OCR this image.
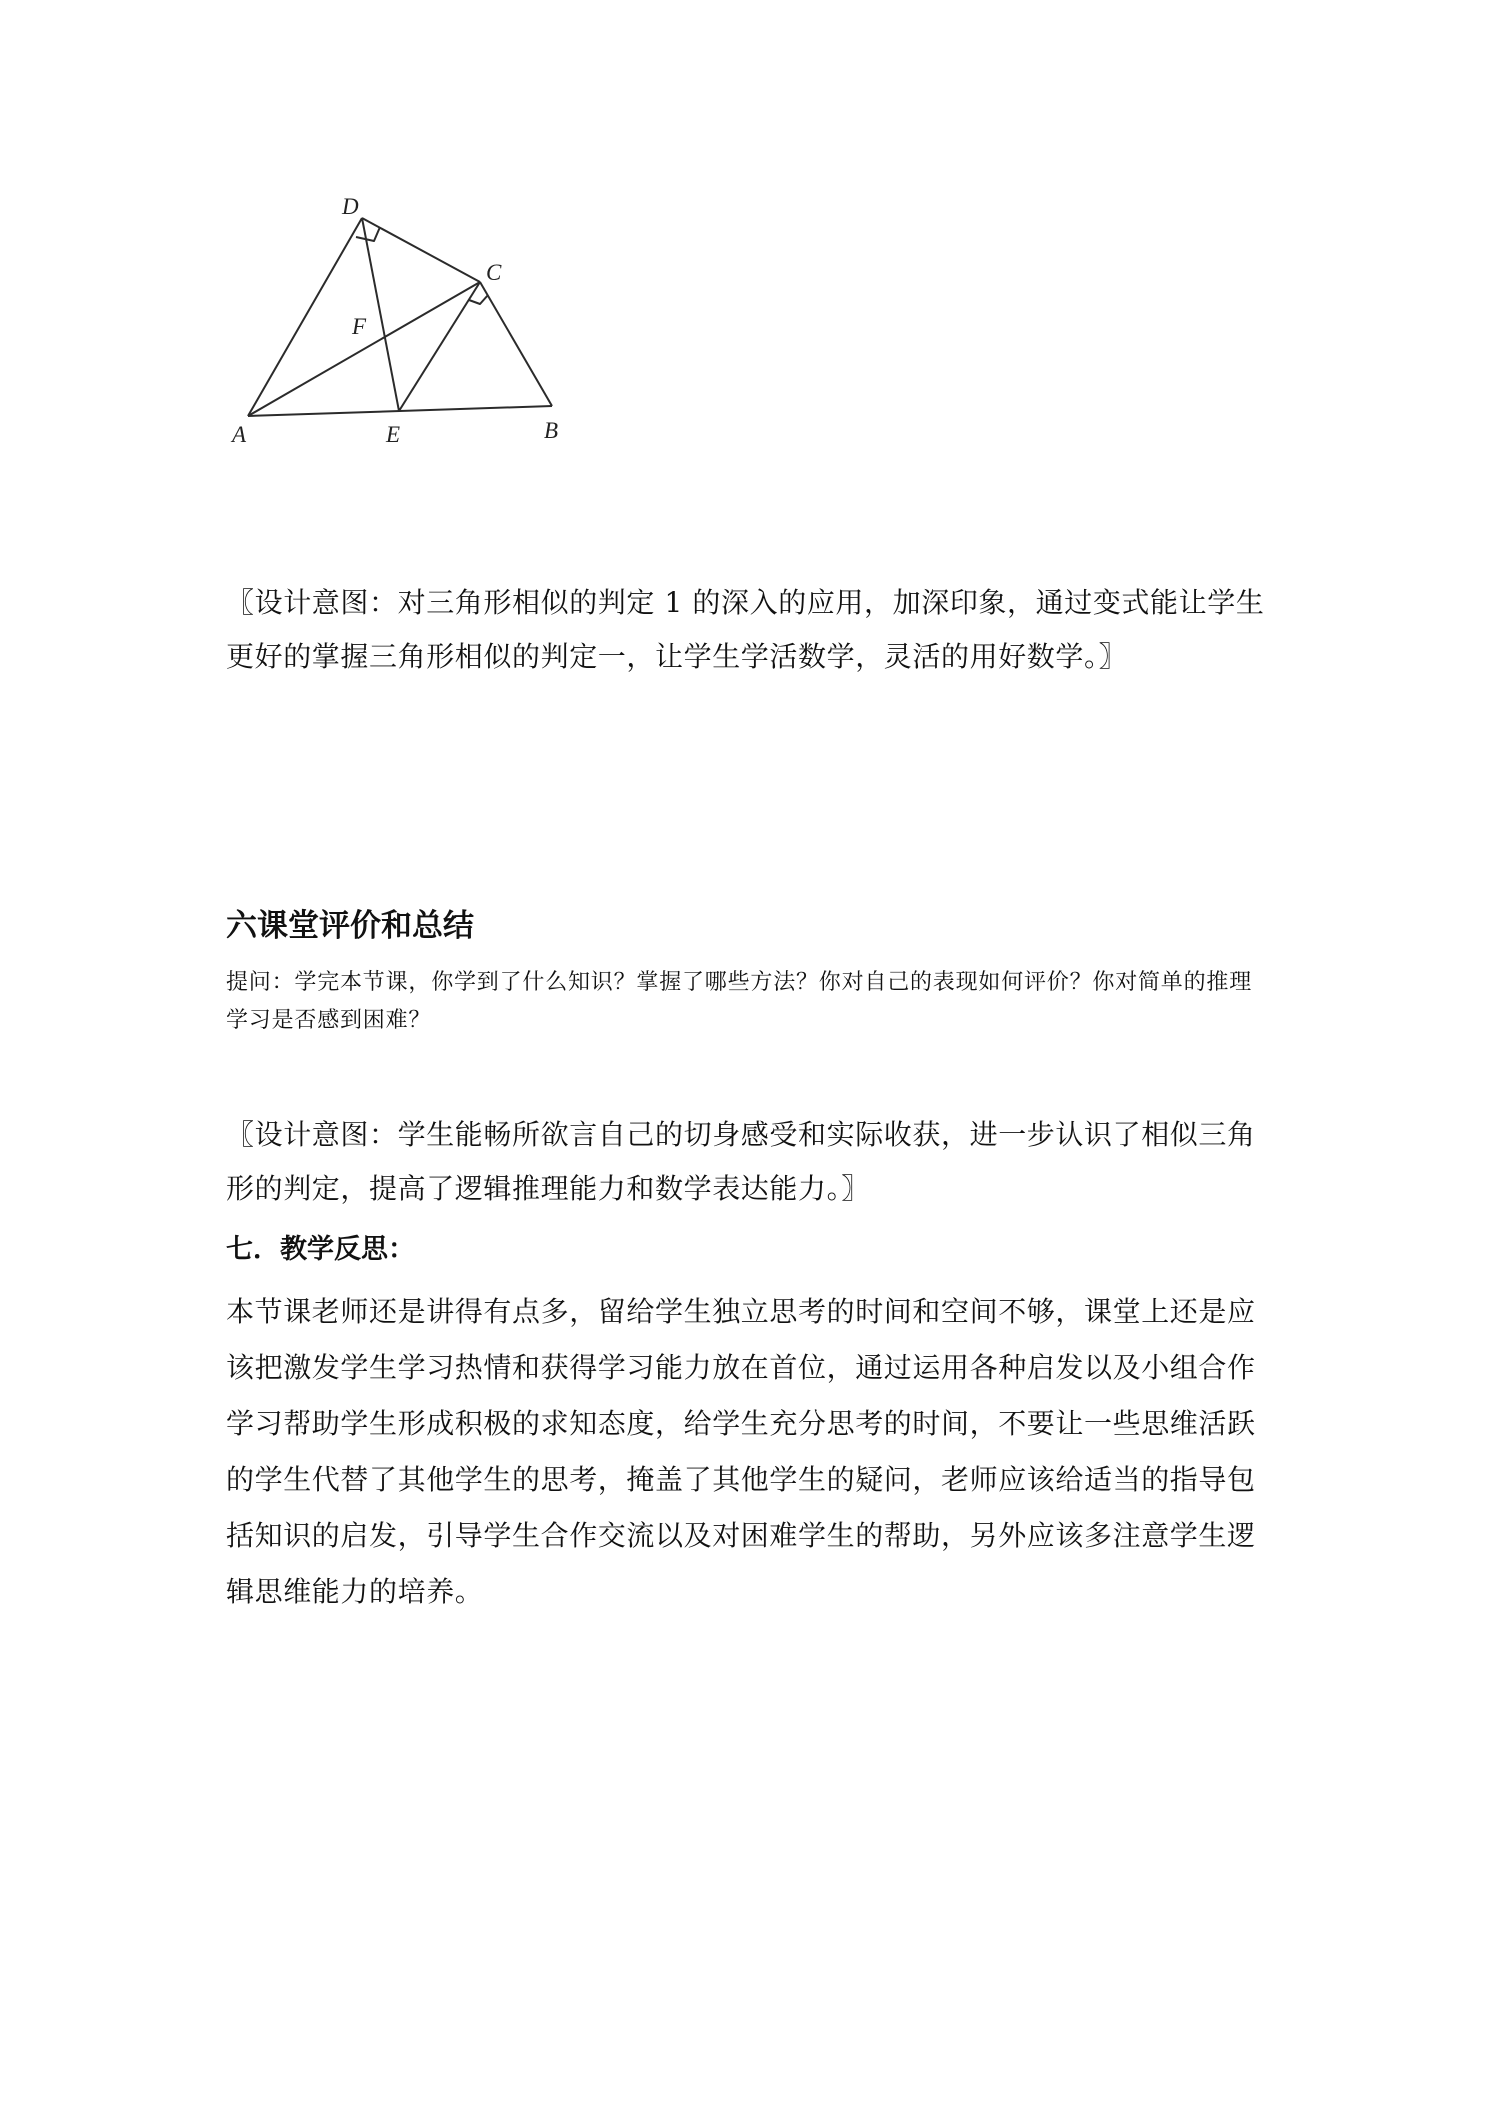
D
C
F
A	E	B

〖设计意图：对三角形相似的判定 1 的深入的应用，加深印象，通过变式能让学生更好的掌握三角形相似的判定一，让学生学活数学，灵活的用好数学。〗

六课堂评价和总结

提问：学完本节课，你学到了什么知识？掌握了哪些方法？你对自己的表现如何评价？你对简单的推理学习是否感到困难？

〖设计意图：学生能畅所欲言自己的切身感受和实际收获，进一步认识了相似三角形的判定，提高了逻辑推理能力和数学表达能力。〗

七．教学反思：

本节课老师还是讲得有点多，留给学生独立思考的时间和空间不够，课堂上还是应该把激发学生学习热情和获得学习能力放在首位，通过运用各种启发以及小组合作学习帮助学生形成积极的求知态度，给学生充分思考的时间，不要让一些思维活跃的学生代替了其他学生的思考，掩盖了其他学生的疑问，老师应该给适当的指导包括知识的启发，引导学生合作交流以及对困难学生的帮助，另外应该多注意学生逻辑思维能力的培养。
